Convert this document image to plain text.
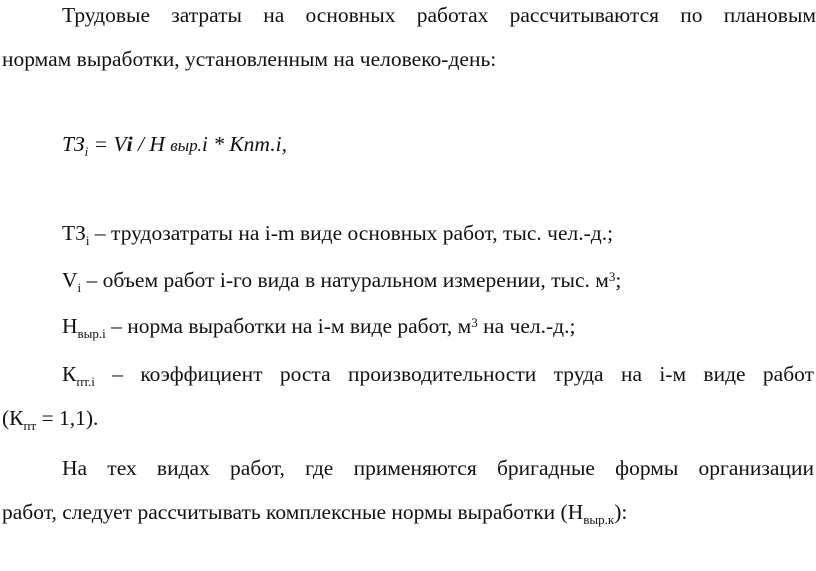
Трудовые затраты на основных работах рассчитываются по плановым
нормам выработки, установленным на человеко-день:
$ТЗ_i = Vi / Н$ выр.i * Кпт.i,
$ТЗ_i$ – трудозатраты на i-m виде основных работ, тыс. чел.-д.;
$V_i$ – объем работ i-го вида в натуральном измерении, тыс. $м^3$;
$Н_{выр.i}$ – норма выработки на i-м виде работ, $м^3$ на чел.-д.;
$К_{пт.i}$ – коэффициент роста производительности труда на i-м виде работ
$(К_{пт} = 1,1)$.
На тех видах работ, где применяются бригадные формы организации
работ, следует рассчитывать комплексные нормы выработки $(Н_{выр.к})$:
